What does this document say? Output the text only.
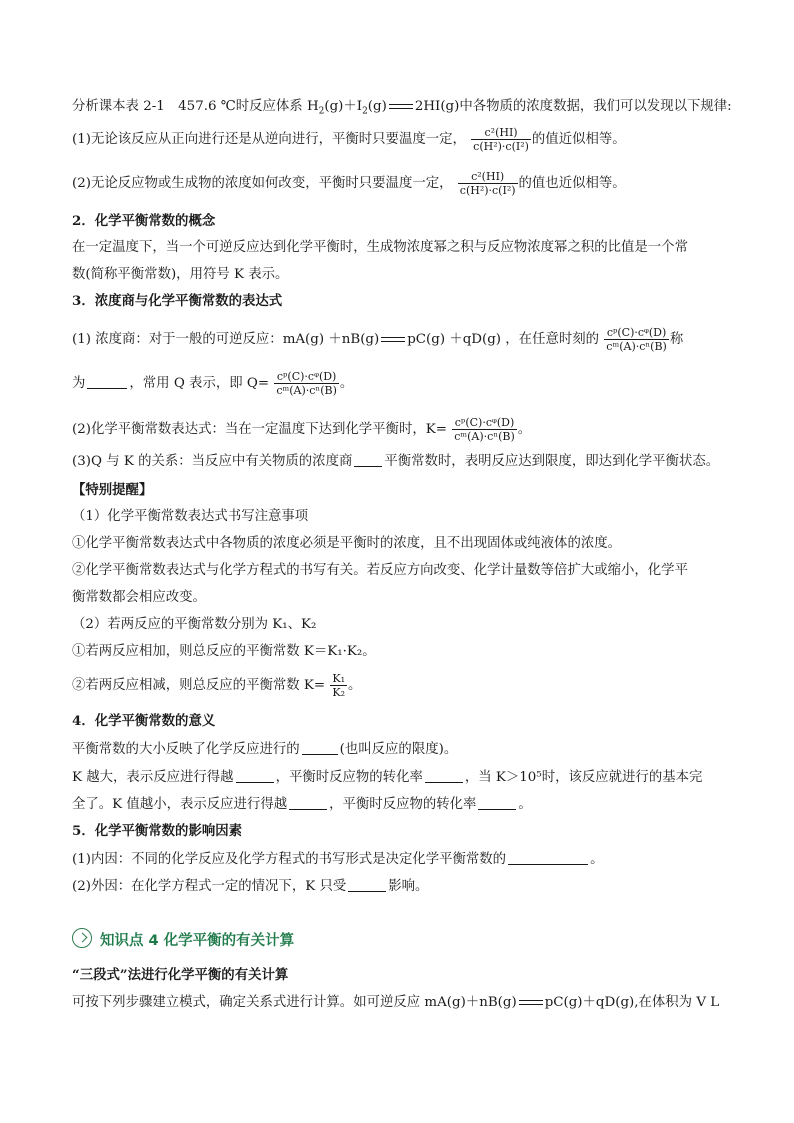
分析课本表 2-1　457.6 ℃时反应体系 $H_2(g)+I_2(g)$ 2HI(g)中各物质的浓度数据，我们可以发现以下规律:
(1)无论该反应从正向进行还是从逆向进行，平衡时只要温度一定， $\frac{\text{c²(HI)}}{\text{c(H²)·c(I²)}}$ 的值近似相等。
(2)无论反应物或生成物的浓度如何改变，平衡时只要温度一定， $\frac{\text{c²(HI)}}{\text{c(H²)·c(I²)}}$ 的值也近似相等。
2．化学平衡常数的概念
在一定温度下，当一个可逆反应达到化学平衡时，生成物浓度幂之积与反应物浓度幂之积的比值是一个常
数(简称平衡常数)，用符号 K 表示。
3．浓度商与化学平衡常数的表达式
(1) 浓度商：对于一般的可逆反应：mA(g) ＋nB(g) pC(g) ＋qD(g) ，在任意时刻的 $\frac{\text{cᵖ(C)·cᵠ(D)}}{\text{cᵐ(A)·cⁿ(B)}}$ 称
为	，常用 Q 表示，即 $Q= \frac{\text{cᵖ(C)·cᵠ(D)}}{\text{cᵐ(A)·cⁿ(B)}}$ 。
(2)化学平衡常数表达式：当在一定温度下达到化学平衡时，$K= \frac{\text{cᵖ(C)·cᵠ(D)}}{\text{cᵐ(A)·cⁿ(B)}}$ 。
(3)Q 与 K 的关系：当反应中有关物质的浓度商 平衡常数时，表明反应达到限度，即达到化学平衡状态。
【特别提醒】
（1）化学平衡常数表达式书写注意事项
①化学平衡常数表达式中各物质的浓度必须是平衡时的浓度，且不出现固体或纯液体的浓度。
②化学平衡常数表达式与化学方程式的书写有关。若反应方向改变、化学计量数等倍扩大或缩小，化学平
衡常数都会相应改变。
（2）若两反应的平衡常数分别为 K₁、K₂
①若两反应相加，则总反应的平衡常数 K＝K₁·K₂。
②若两反应相减，则总反应的平衡常数 $K= \frac{\text{K₁}}{\text{K₂}}$ 。
4．化学平衡常数的意义
平衡常数的大小反映了化学反应进行的	(也叫反应的限度)。
K 越大，表示反应进行得越	，平衡时反应物的转化率	，当 K＞10⁵时，该反应就进行的基本完
全了。K 值越小，表示反应进行得越	，平衡时反应物的转化率	。
5．化学平衡常数的影响因素
(1)内因：不同的化学反应及化学方程式的书写形式是决定化学平衡常数的	。
(2)外因：在化学方程式一定的情况下，K 只受	影响。
知识点 4 化学平衡的有关计算
“三段式”法进行化学平衡的有关计算
可按下列步骤建立模式，确定关系式进行计算。如可逆反应 mA(g)＋nB(g) pC(g)＋qD(g),在体积为 V L
